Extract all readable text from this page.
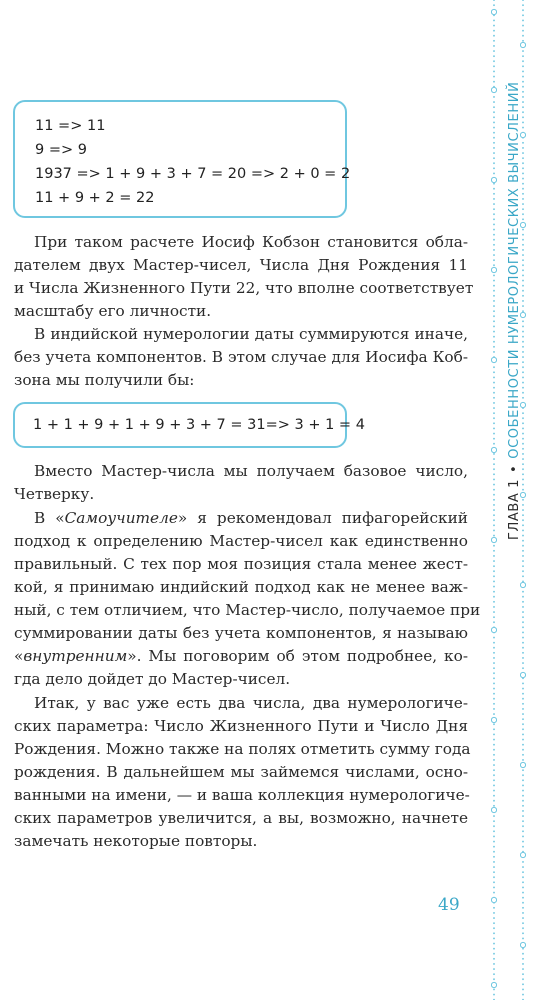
11 => 11
9 => 9
1937 => 1 + 9 + 3 + 7 = 20 => 2 + 0 = 2
11 + 9 + 2 = 22
При таком расчете Иосиф Кобзон становится обла-
дателем двух Мастер-чисел, Числа Дня Рождения 11
и Числа Жизненного Пути 22, что вполне соответствует
масштабу его личности.
В индийской нумерологии даты суммируются иначе,
без учета компонентов. В этом случае для Иосифа Коб-
зона мы получили бы:
1 + 1 + 9 + 1 + 9 + 3 + 7 = 31=> 3 + 1 = 4
Вместо Мастер-числа мы получаем базовое число,
Четверку.
В «Самоучителе» я рекомендовал пифагорейский
подход к определению Мастер-чисел как единственно
правильный. С тех пор моя позиция стала менее жест-
кой, я принимаю индийский подход как не менее важ-
ный, с тем отличием, что Мастер-число, получаемое при
суммировании даты без учета компонентов, я называю
«внутренним». Мы поговорим об этом подробнее, ко-
гда дело дойдет до Мастер-чисел.
Итак, у вас уже есть два числа, два нумерологиче-
ских параметра: Число Жизненного Пути и Число Дня
Рождения. Можно также на полях отметить сумму года
рождения. В дальнейшем мы займемся числами, осно-
ванными на имени, — и ваша коллекция нумерологиче-
ских параметров увеличится, а вы, возможно, начнете
замечать некоторые повторы.
49
ГЛАВА 1•ОСОБЕННОСТИ НУМЕРОЛОГИЧЕСКИХ ВЫЧИСЛЕНИЙ
